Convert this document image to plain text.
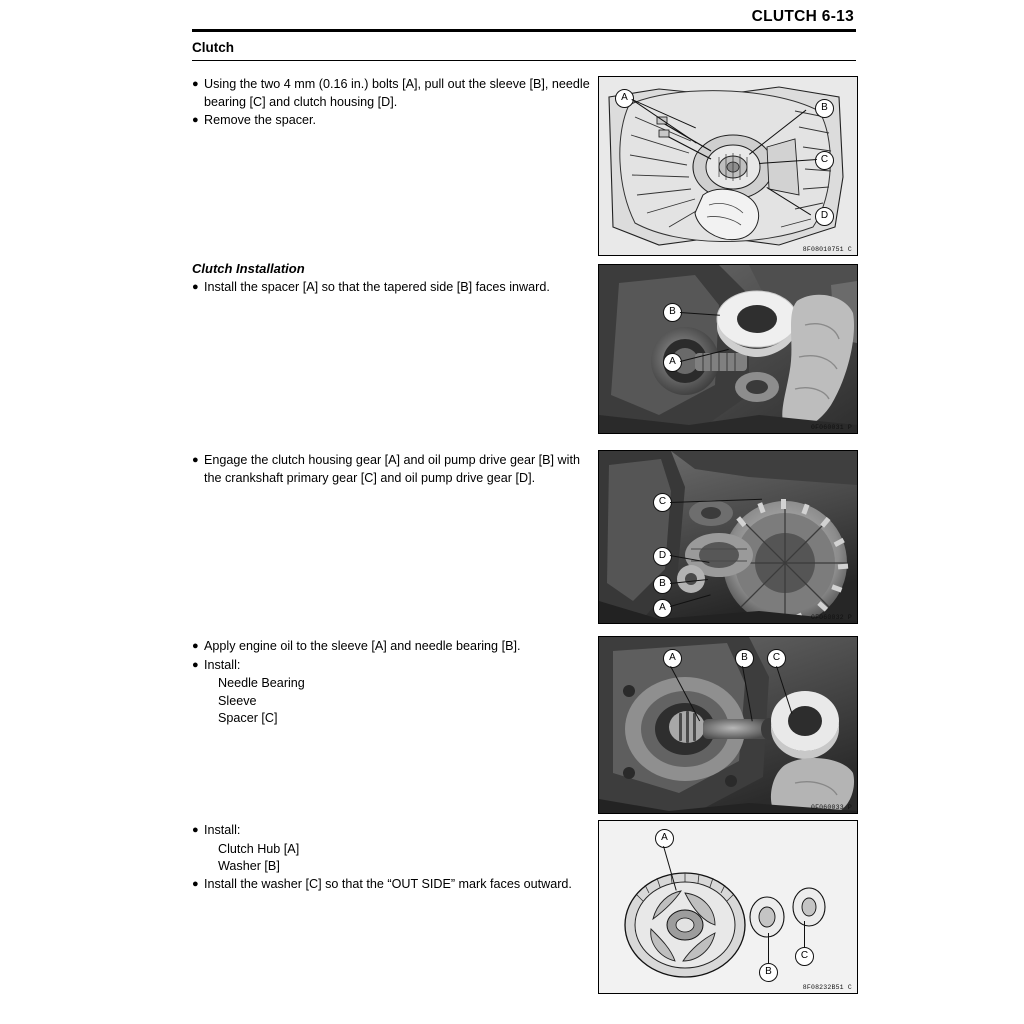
CLUTCH 6-13
Clutch
● Using the two 4 mm (0.16 in.) bolts [A], pull out the sleeve [B], needle bearing [C] and clutch housing [D].
● Remove the spacer.
Clutch Installation
● Install the spacer [A] so that the tapered side [B] faces inward.
● Engage the clutch housing gear [A] and oil pump drive gear [B] with the crankshaft primary gear [C] and oil pump drive gear [D].
● Apply engine oil to the sleeve [A] and needle bearing [B].
● Install:
Needle Bearing
Sleeve
Spacer [C]
● Install:
Clutch Hub [A]
Washer [B]
● Install the washer [C] so that the “OUT SIDE” mark faces outward.
A
B
C
D
8F08010751 C
B
A
0F060031 P
C
D
B
A
0F060032 P
A	B	C
0F060033 P
A
B
C
8F08232B51 C
